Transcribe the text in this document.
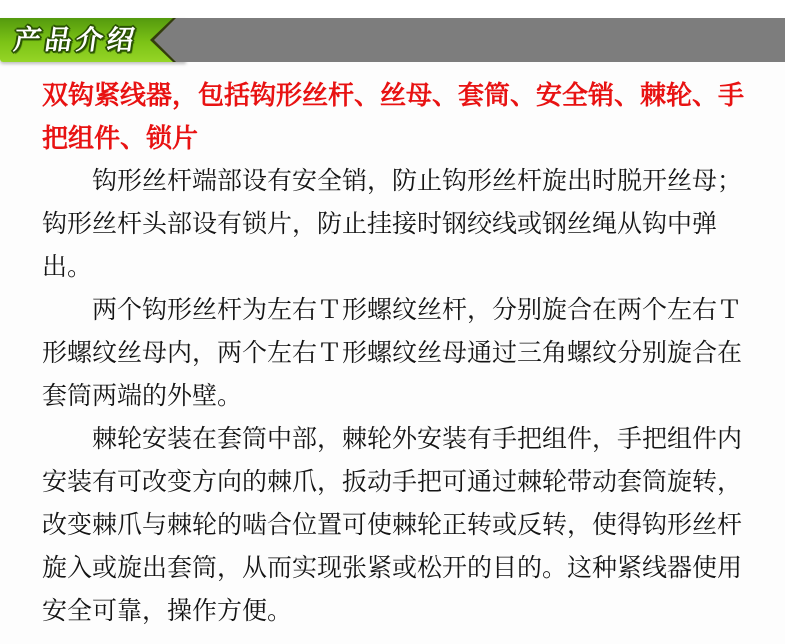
产品介绍

双钩紧线器，包括钩形丝杆、丝母、套筒、安全销、棘轮、手把组件、锁片

钩形丝杆端部设有安全销，防止钩形丝杆旋出时脱开丝母；钩形丝杆头部设有锁片，防止挂接时钢绞线或钢丝绳从钩中弹出。

两个钩形丝杆为左右Ｔ形螺纹丝杆，分别旋合在两个左右Ｔ形螺纹丝母内，两个左右Ｔ形螺纹丝母通过三角螺纹分别旋合在套筒两端的外壁。

棘轮安装在套筒中部，棘轮外安装有手把组件，手把组件内安装有可改变方向的棘爪，扳动手把可通过棘轮带动套筒旋转，改变棘爪与棘轮的啮合位置可使棘轮正转或反转，使得钩形丝杆旋入或旋出套筒，从而实现张紧或松开的目的。这种紧线器使用安全可靠，操作方便。
